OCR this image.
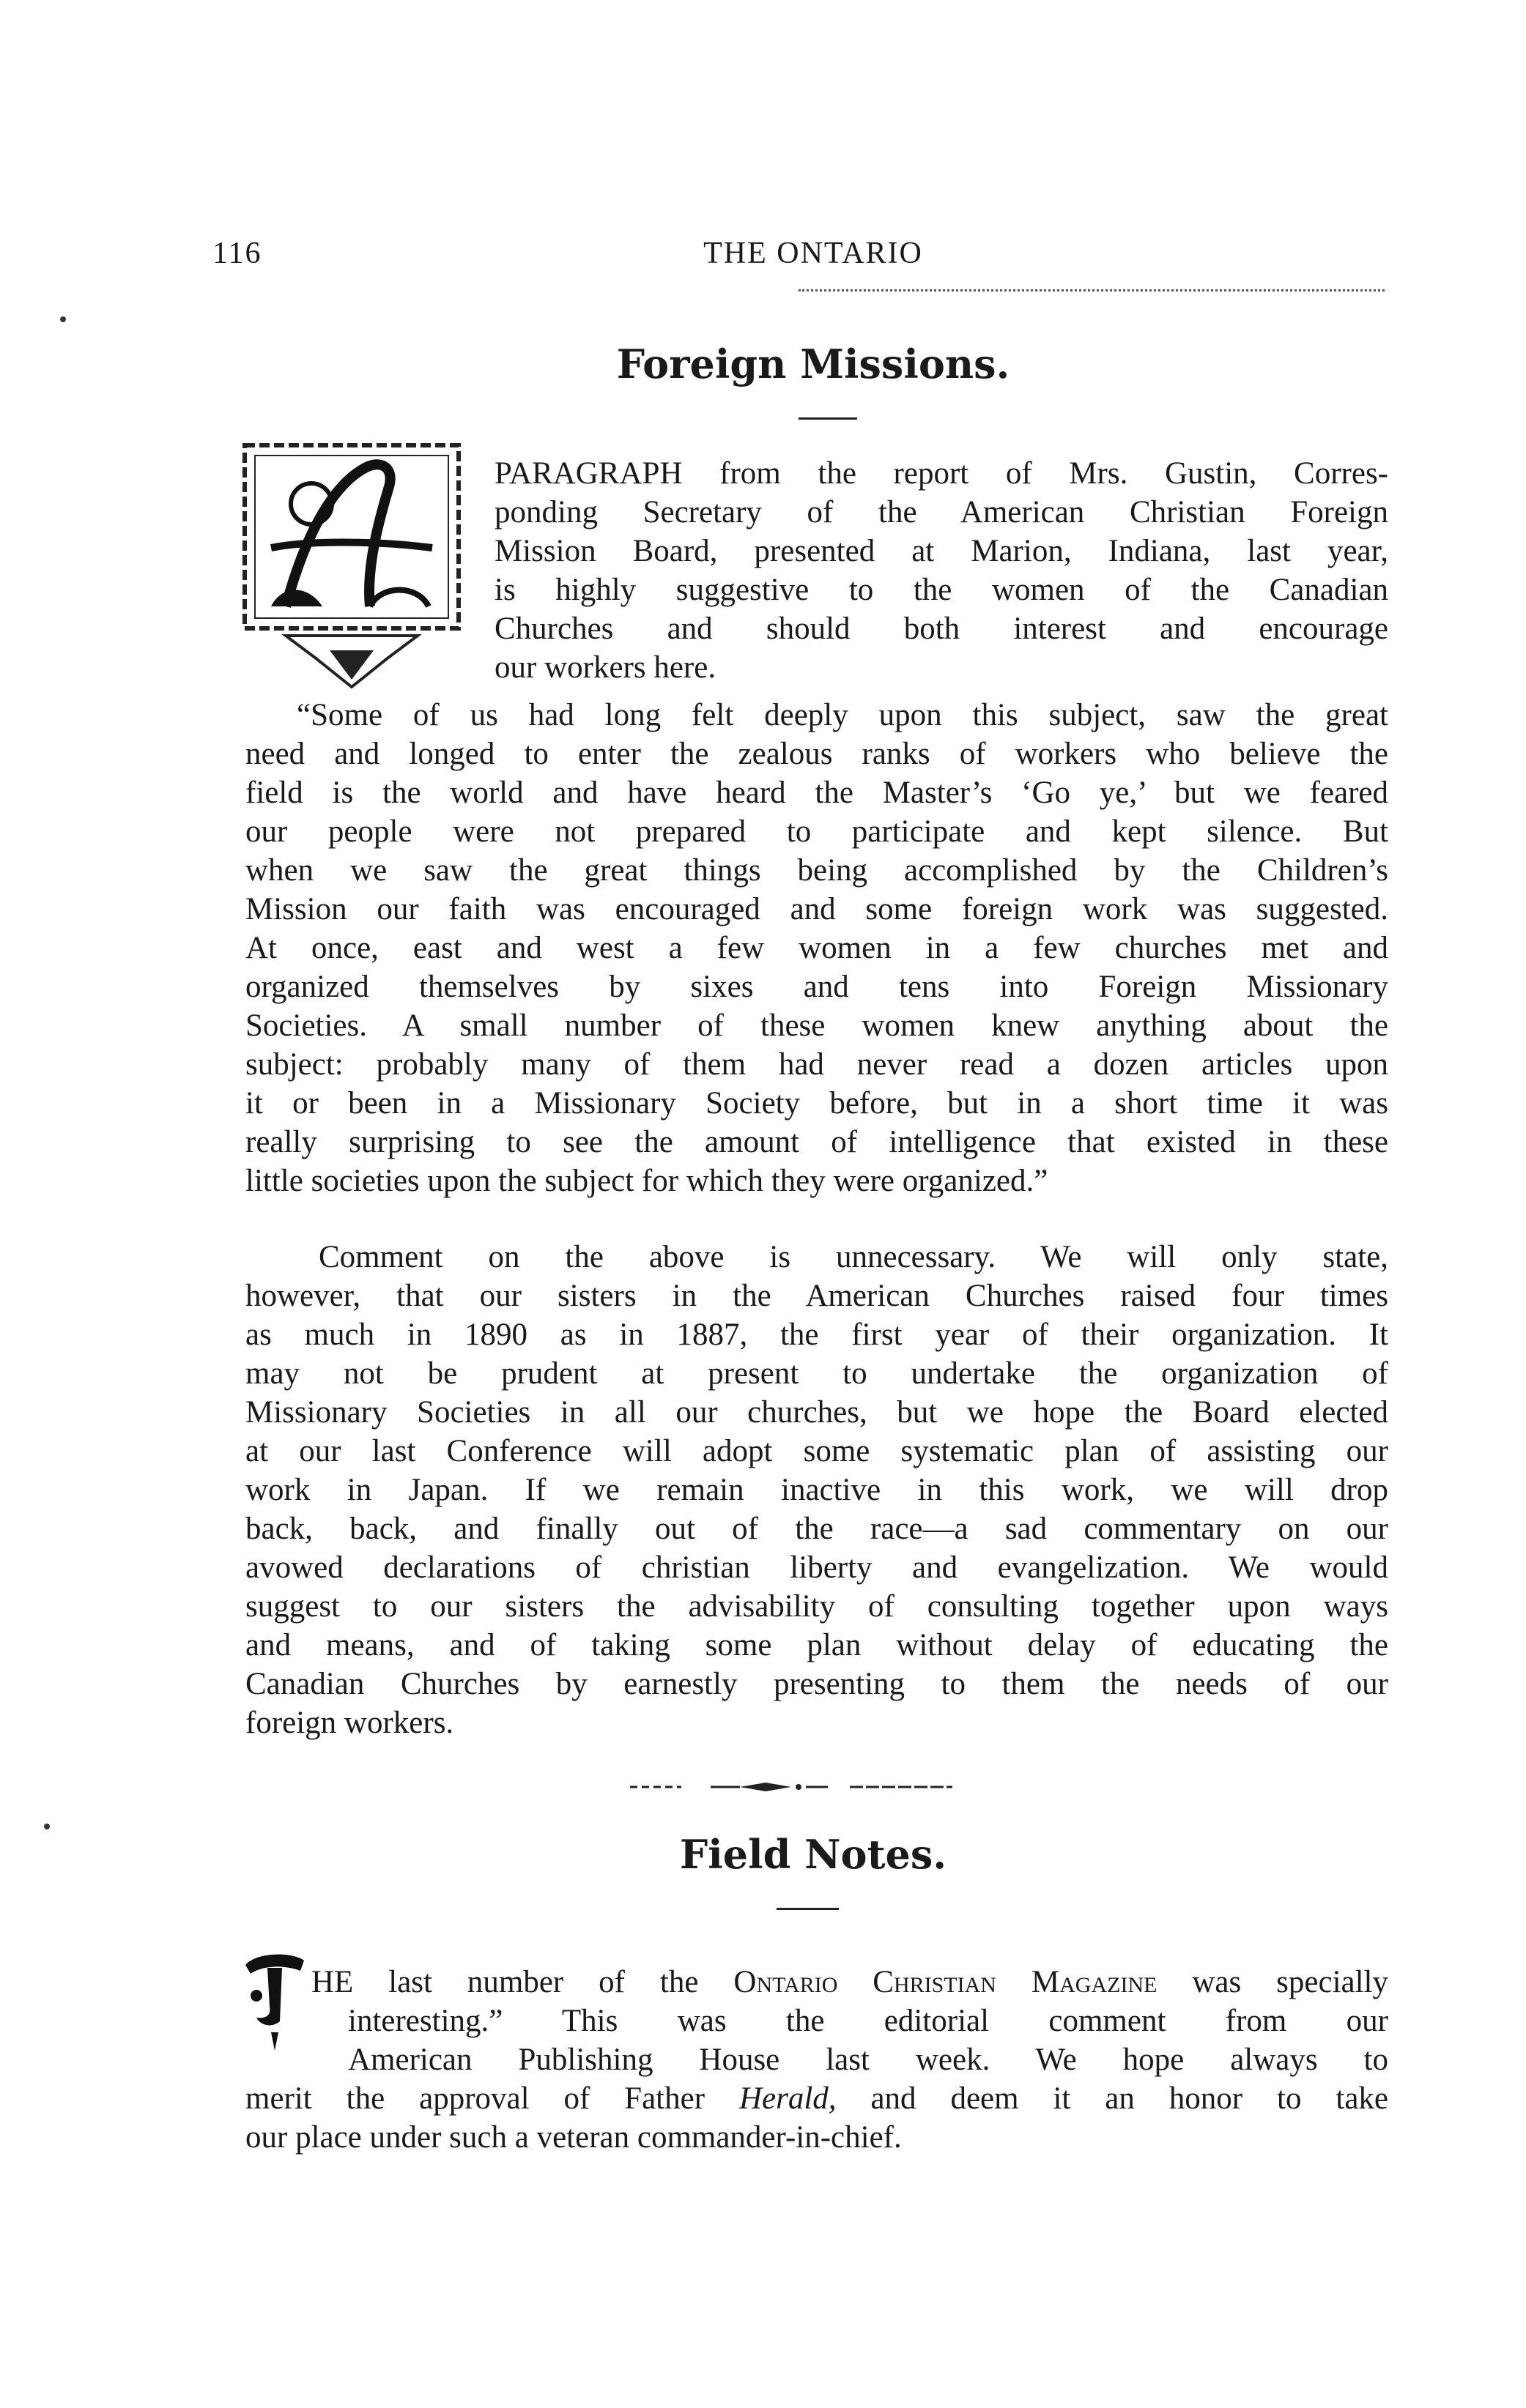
116	THE ONTARIO
Foreign Missions.
PARAGRAPH from the report of Mrs. Gustin, Corres-
ponding Secretary of the American Christian Foreign
Mission Board, presented at Marion, Indiana, last year,
is highly suggestive to the women of the Canadian
Churches and should both interest and encourage
our workers here.
“Some of us had long felt deeply upon this subject, saw the great
need and longed to enter the zealous ranks of workers who believe the
field is the world and have heard the Master’s ‘Go ye,’ but we feared
our people were not prepared to participate and kept silence. But
when we saw the great things being accomplished by the Children’s
Mission our faith was encouraged and some foreign work was suggested.
At once, east and west a few women in a few churches met and
organized themselves by sixes and tens into Foreign Missionary
Societies. A small number of these women knew anything about the
subject: probably many of them had never read a dozen articles upon
it or been in a Missionary Society before, but in a short time it was
really surprising to see the amount of intelligence that existed in these
little societies upon the subject for which they were organized.”
Comment on the above is unnecessary. We will only state,
however, that our sisters in the American Churches raised four times
as much in 1890 as in 1887, the first year of their organization. It
may not be prudent at present to undertake the organization of
Missionary Societies in all our churches, but we hope the Board elected
at our last Conference will adopt some systematic plan of assisting our
work in Japan. If we remain inactive in this work, we will drop
back, back, and finally out of the race—a sad commentary on our
avowed declarations of christian liberty and evangelization. We would
suggest to our sisters the advisability of consulting together upon ways
and means, and of taking some plan without delay of educating the
Canadian Churches by earnestly presenting to them the needs of our
foreign workers.
Field Notes.
HE last number of the Ontario Christian Magazine was specially
interesting.” This was the editorial comment from our
American Publishing House last week. We hope always to
merit the approval of Father Herald, and deem it an honor to take
our place under such a veteran commander-in-chief.
